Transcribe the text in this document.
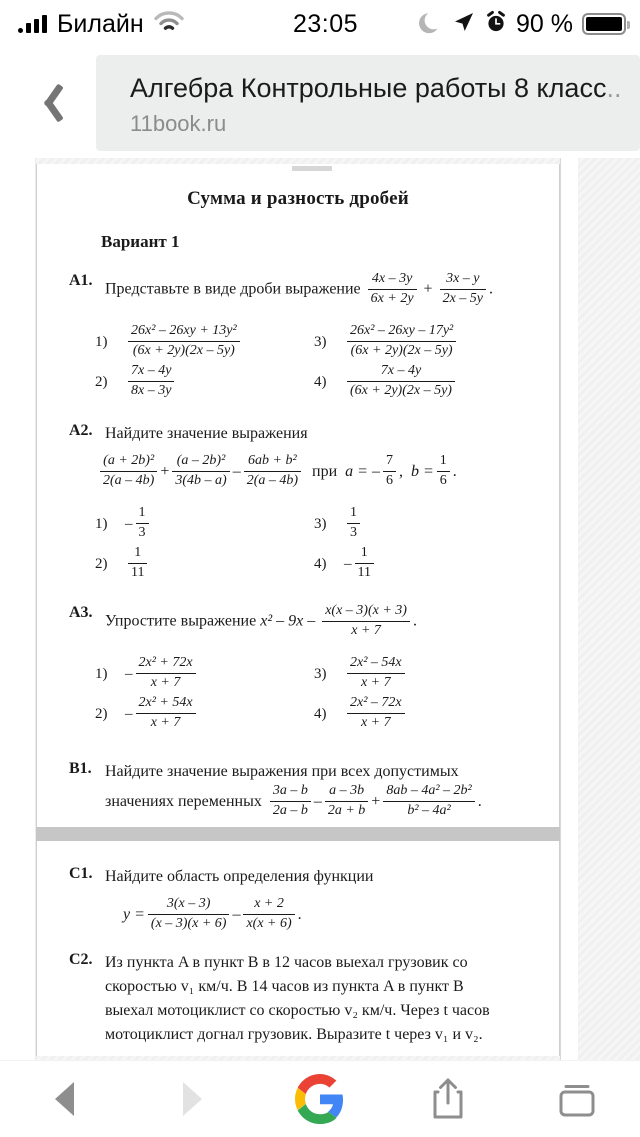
Билайн	23:05	90 %
Алгебра Контрольные работы 8 класс..
11book.ru
Сумма и разность дробей
Вариант 1
A1.
Представьте в виде дроби выражение $\frac{4x - 3y}{6x + 2y} + \frac{3x - y}{2x - 5y}$ .
1)	$\frac{\text{26x² – 26xy + 13y²}}{(6x + 2y)(2x - 5y)}$
2)	$\frac{7x - 4y}{8x - 3y}$
3)	$\frac{\text{26x² – 26xy – 17y²}}{(6x + 2y)(2x - 5y)}$
4)	$\frac{7x - 4y}{(6x + 2y)(2x - 5y)}$
A2. Найдите значение выражения
$\frac{\text{(a + 2b)²}}{2(a - 4b)} + \frac{\text{(a – 2b)²}}{3(4b - a)} - \frac{\text{6ab + b²}}{2(a - 4b)}$ при a = – $\frac{7}{6}$ , $b = \frac{1}{6}$ .
1)	– $\frac{1}{3}$
2)	$\frac{1}{11}$
3)	$\frac{1}{3}$
4)	– $\frac{1}{11}$
A3.
Упростите выражение $x^2 - 9x - \frac{x(x - 3)(x + 3)}{x + 7}$ .
1)	– $\frac{\text{2x² + 72x}}{x + 7}$
2)	– $\frac{\text{2x² + 54x}}{x + 7}$
3)	$\frac{\text{2x² – 54x}}{x + 7}$
4)	$\frac{\text{2x² – 72x}}{x + 7}$
B1. Найдите значение выражения при всех допустимых
значениях переменных $\frac{3a - b}{2a - b} - \frac{a - 3b}{2a + b} + \frac{\text{8ab – 4a² – 2b²}}{\text{b² – 4a²}}$ .
C1. Найдите область определения функции
$y = \frac{3(x - 3)}{(x - 3)(x + 6)} - \frac{x + 2}{x(x + 6)}$ .
C2. Из пункта A в пункт B в 12 часов выехал грузовик со
скоростью v₁ км/ч. В 14 часов из пункта A в пункт B
выехал мотоциклист со скоростью v₂ км/ч. Через t часов
мотоциклист догнал грузовик. Выразите t через v₁ и v₂.
